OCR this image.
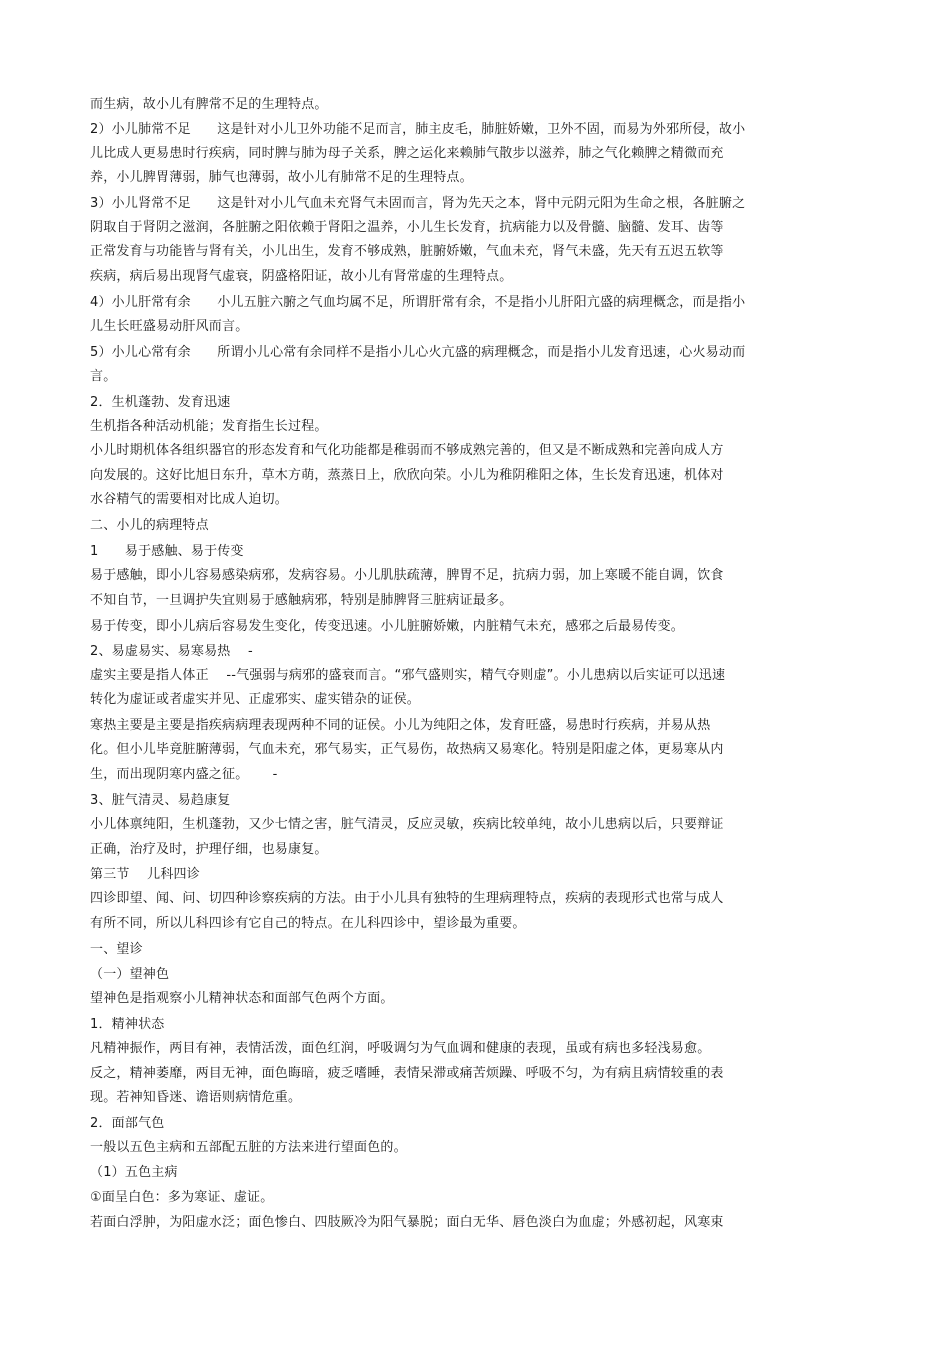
而生病，故小儿有脾常不足的生理特点。
2）小儿肺常不足　　这是针对小儿卫外功能不足而言，肺主皮毛，肺脏娇嫩，卫外不固，而易为外邪所侵，故小
儿比成人更易患时行疾病，同时脾与肺为母子关系，脾之运化来赖肺气散步以滋养，肺之气化赖脾之精微而充
养，小儿脾胃薄弱，肺气也薄弱，故小儿有肺常不足的生理特点。
3）小儿肾常不足　　这是针对小儿气血未充肾气未固而言，肾为先天之本，肾中元阴元阳为生命之根，各脏腑之
阴取自于肾阴之滋润，各脏腑之阳依赖于肾阳之温养，小儿生长发育，抗病能力以及骨髓、脑髓、发耳、齿等
正常发育与功能皆与肾有关，小儿出生，发育不够成熟，脏腑娇嫩，气血未充，肾气未盛，先天有五迟五软等
疾病，病后易出现肾气虚衰，阴盛格阳证，故小儿有肾常虚的生理特点。
4）小儿肝常有余　　小儿五脏六腑之气血均属不足，所谓肝常有余，不是指小儿肝阳亢盛的病理概念，而是指小
儿生长旺盛易动肝风而言。
5）小儿心常有余　　所谓小儿心常有余同样不是指小儿心火亢盛的病理概念，而是指小儿发育迅速，心火易动而
言。
2．生机蓬勃、发育迅速
生机指各种活动机能；发育指生长过程。
小儿时期机体各组织器官的形态发育和气化功能都是稚弱而不够成熟完善的，但又是不断成熟和完善向成人方
向发展的。这好比旭日东升，草木方萌，蒸蒸日上，欣欣向荣。小儿为稚阴稚阳之体，生长发育迅速，机体对
水谷精气的需要相对比成人迫切。
二、小儿的病理特点
1　　易于感触、易于传变
易于感触，即小儿容易感染病邪，发病容易。小儿肌肤疏薄，脾胃不足，抗病力弱，加上寒暖不能自调，饮食
不知自节，一旦调护失宜则易于感触病邪，特别是肺脾肾三脏病证最多。
易于传变，即小儿病后容易发生变化，传变迅速。小儿脏腑娇嫩，内脏精气未充，感邪之后最易传变。
2、易虚易实、易寒易热　 -
虚实主要是指人体正　 --气强弱与病邪的盛衰而言。“邪气盛则实，精气夺则虚”。小儿患病以后实证可以迅速
转化为虚证或者虚实并见、正虚邪实、虚实错杂的证侯。
寒热主要是主要是指疾病病理表现两种不同的证侯。小儿为纯阳之体，发育旺盛，易患时行疾病，并易从热
化。但小儿毕竟脏腑薄弱，气血未充，邪气易实，正气易伤，故热病又易寒化。特别是阳虚之体，更易寒从内
生，而出现阴寒内盛之征。　　 -
3、脏气清灵、易趋康复
小儿体禀纯阳，生机蓬勃，又少七情之害，脏气清灵，反应灵敏，疾病比较单纯，故小儿患病以后，只要辩证
正确，治疗及时，护理仔细，也易康复。
第三节　 儿科四诊
四诊即望、闻、问、切四种诊察疾病的方法。由于小儿具有独特的生理病理特点，疾病的表现形式也常与成人
有所不同，所以儿科四诊有它自己的特点。在儿科四诊中，望诊最为重要。
一、望诊
（一）望神色
望神色是指观察小儿精神状态和面部气色两个方面。
1．精神状态
凡精神振作，两目有神，表情活泼，面色红润，呼吸调匀为气血调和健康的表现，虽或有病也多轻浅易愈。
反之，精神萎靡，两目无神，面色晦暗，疲乏嗜睡，表情呆滞或痛苦烦躁、呼吸不匀，为有病且病情较重的表
现。若神知昏迷、谵语则病情危重。
2．面部气色
一般以五色主病和五部配五脏的方法来进行望面色的。
（1）五色主病
①面呈白色：多为寒证、虚证。
若面白浮肿，为阳虚水泛；面色惨白、四肢厥冷为阳气暴脱；面白无华、唇色淡白为血虚；外感初起，风寒束
